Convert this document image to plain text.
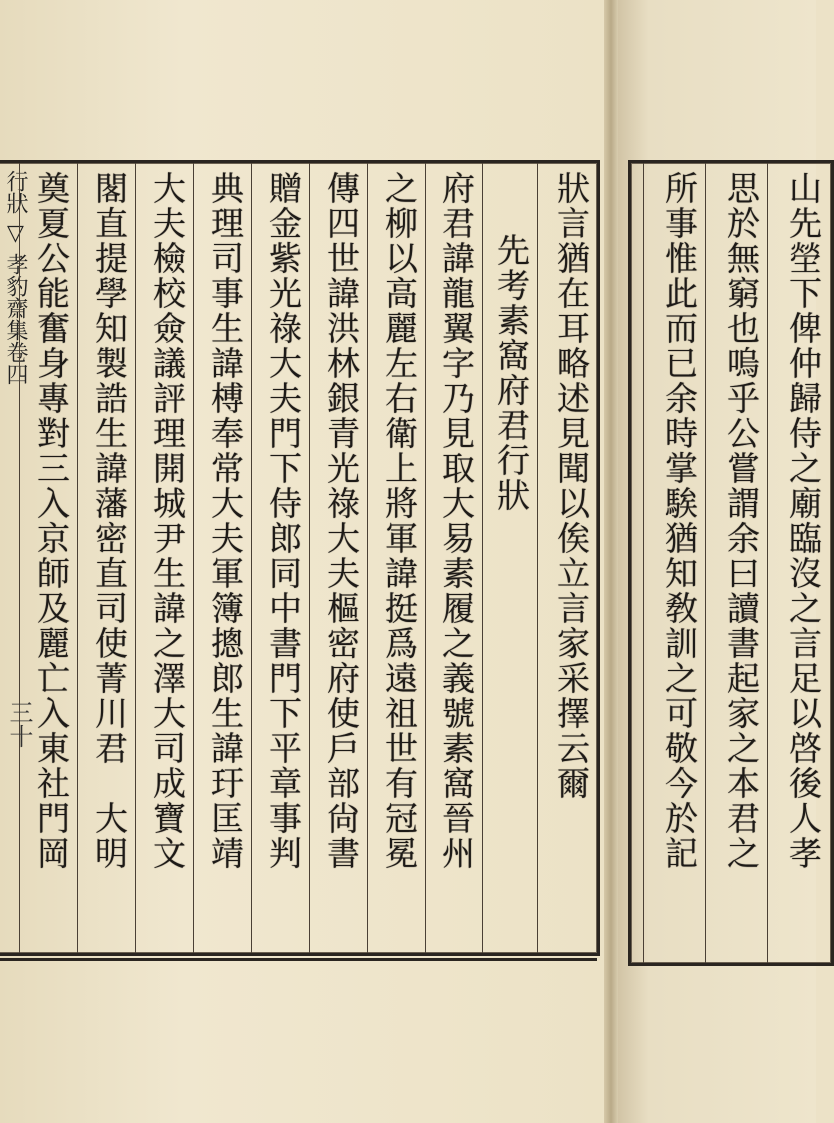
行狀 ▽ 孝豹齋集卷四	狀言猶在耳略述見聞以俟立言家采擇云爾
先考素窩府君行狀
府君諱龍翼字乃見取大易素履之義號素窩晉州
之柳以高麗左右衛上將軍諱挺爲遠祖世有冠冕
傳四世諱洪林銀青光祿大夫樞密府使戶部尙書
贈金紫光祿大夫門下侍郎同中書門下平章事判
典理司事生諱榑奉常大夫軍簿摠郎生諱玗匡靖
大夫檢校僉議評理開城尹生諱之澤大司成寶文
閣直提學知製誥生諱藩密直司使菁川君　大明
奠夏公能奮身專對三入京師及麗亡入東社門岡
三十	山先塋下俾仲歸侍之廟臨沒之言足以啓後人孝
思於無窮也嗚乎公嘗謂余曰讀書起家之本君之
所事惟此而已余時掌騃猶知敎訓之可敬今於記
